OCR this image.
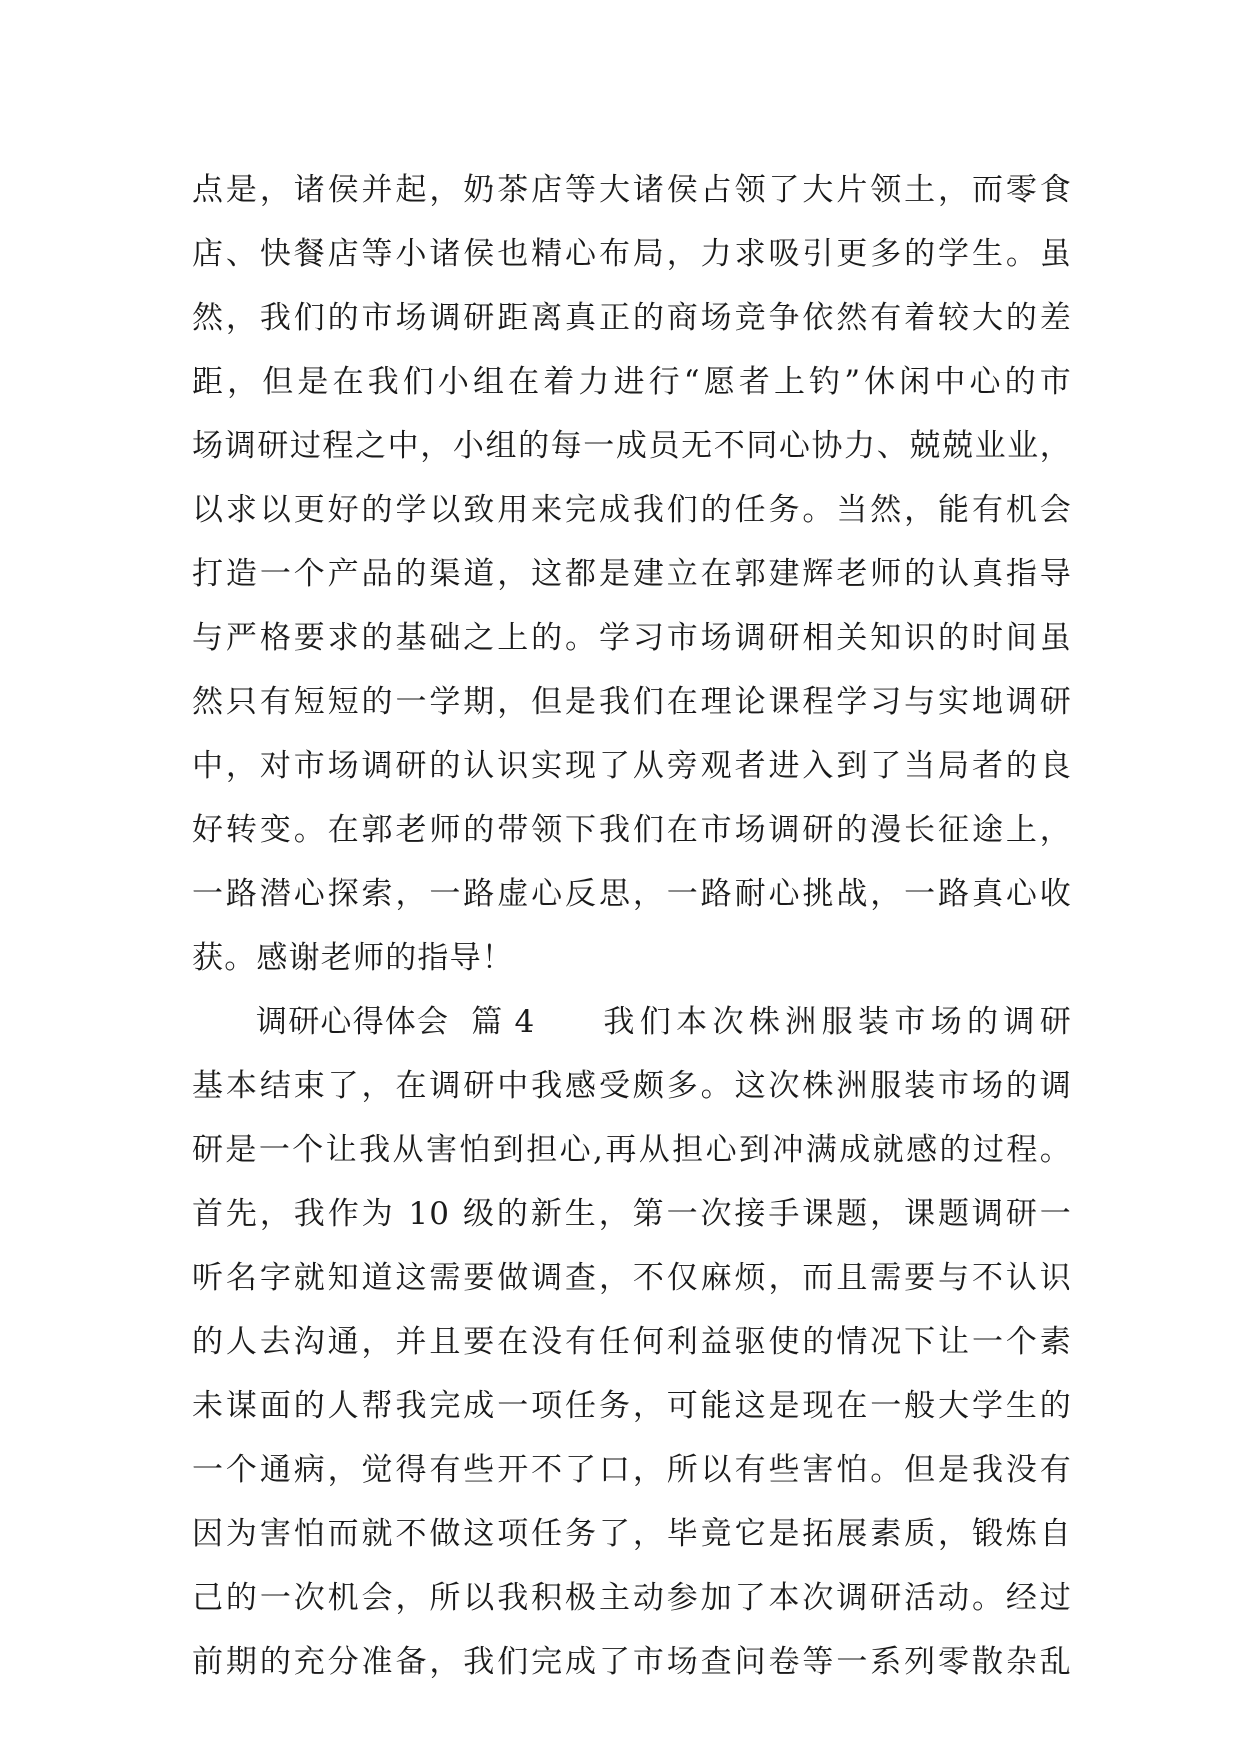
点是，诸侯并起，奶茶店等大诸侯占领了大片领土，而零食
店、快餐店等小诸侯也精心布局，力求吸引更多的学生。虽
然，我们的市场调研距离真正的商场竞争依然有着较大的差
距，但是在我们小组在着力进行“愿者上钓”休闲中心的市
场调研过程之中，小组的每一成员无不同心协力、兢兢业业，
以求以更好的学以致用来完成我们的任务。当然，能有机会
打造一个产品的渠道，这都是建立在郭建辉老师的认真指导
与严格要求的基础之上的。学习市场调研相关知识的时间虽
然只有短短的一学期，但是我们在理论课程学习与实地调研
中，对市场调研的认识实现了从旁观者进入到了当局者的良
好转变。在郭老师的带领下我们在市场调研的漫长征途上，
一路潜心探索，一路虚心反思，一路耐心挑战，一路真心收
获。感谢老师的指导！
调研心得体会 篇 4 我们本次株洲服装市场的调研
基本结束了，在调研中我感受颇多。这次株洲服装市场的调
研是一个让我从害怕到担心,再从担心到冲满成就感的过程。
首先，我作为 10 级的新生，第一次接手课题，课题调研一
听名字就知道这需要做调查，不仅麻烦，而且需要与不认识
的人去沟通，并且要在没有任何利益驱使的情况下让一个素
未谋面的人帮我完成一项任务，可能这是现在一般大学生的
一个通病，觉得有些开不了口，所以有些害怕。但是我没有
因为害怕而就不做这项任务了，毕竟它是拓展素质，锻炼自
己的一次机会，所以我积极主动参加了本次调研活动。经过
前期的充分准备，我们完成了市场查问卷等一系列零散杂乱
